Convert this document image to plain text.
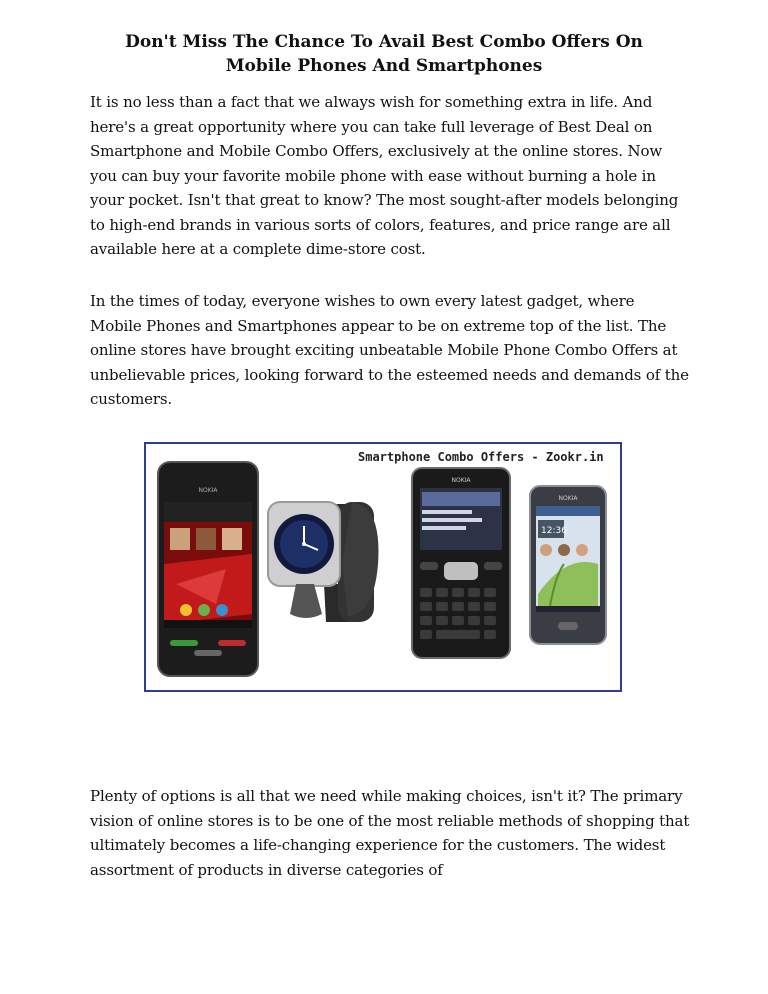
Don't Miss The Chance To Avail Best Combo Offers On Mobile Phones And Smartphones

It is no less than a fact that we always wish for something extra in life. And here's a great opportunity where you can take full leverage of Best Deal on Smartphone and Mobile Combo Offers, exclusively at the online stores. Now you can buy your favorite mobile phone with ease without burning a hole in your pocket. Isn't that great to know? The most sought-after models belonging to high-end brands in various sorts of colors, features, and price range are all available here at a complete dime-store cost.

In the times of today, everyone wishes to own every latest gadget, where Mobile Phones and Smartphones appear to be on extreme top of the list. The online stores have brought exciting unbeatable Mobile Phone Combo Offers at unbelievable prices, looking forward to the esteemed needs and demands of the customers.

NOKIA
NOKIA
12:36
NOKIA
Smartphone Combo Offers - Zookr.in

Plenty of options is all that we need while making choices, isn't it? The primary vision of online stores is to be one of the most reliable methods of shopping that ultimately becomes a life-changing experience for the customers. The widest assortment of products in diverse categories of
